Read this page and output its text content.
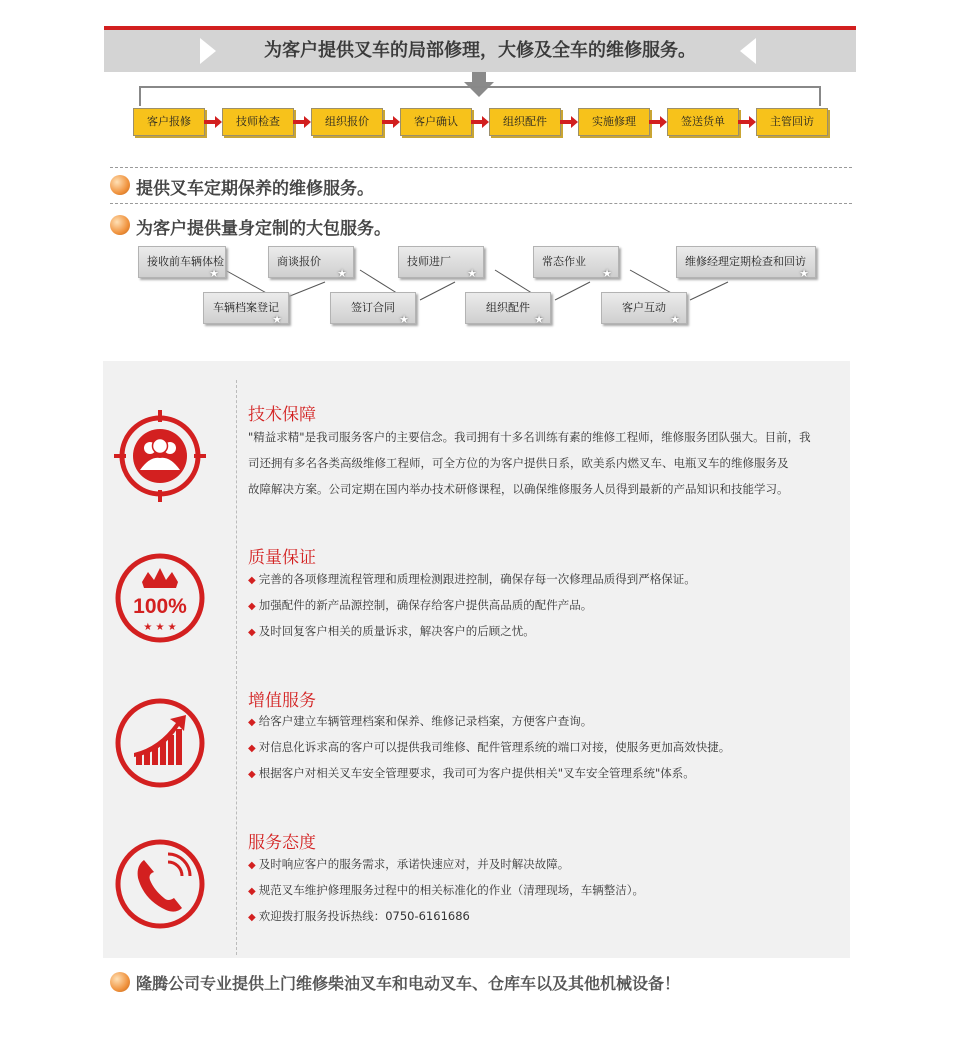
为客户提供叉车的局部修理，大修及全车的维修服务。
客户报修	技师检查	组织报价	客户确认	组织配件	实施修理	签送货单	主管回访
提供叉车定期保养的维修服务。
为客户提供量身定制的大包服务。
接收前车辆体检
★
商谈报价
★
技师进厂
★
常态作业
★
维修经理定期检查和回访
★
车辆档案登记
★
签订合同
★
组织配件
★
客户互动
★
技术保障
"精益求精"是我司服务客户的主要信念。我司拥有十多名训练有素的维修工程师，维修服务团队强大。目前，我
司还拥有多名各类高级维修工程师，可全方位的为客户提供日系，欧美系内燃叉车、电瓶叉车的维修服务及
故障解决方案。公司定期在国内举办技术研修课程，以确保维修服务人员得到最新的产品知识和技能学习。
100%
★ ★ ★
质量保证
◆ 完善的各项修理流程管理和质理检测跟进控制，确保存每一次修理品质得到严格保证。
◆ 加强配件的新产品源控制，确保存给客户提供高品质的配件产品。
◆ 及时回复客户相关的质量诉求，解决客户的后顾之忧。
增值服务
◆ 给客户建立车辆管理档案和保养、维修记录档案，方便客户查询。
◆ 对信息化诉求高的客户可以提供我司维修、配件管理系统的端口对接，使服务更加高效快捷。
◆ 根据客户对相关叉车安全管理要求，我司可为客户提供相关"叉车安全管理系统"体系。
服务态度
◆ 及时响应客户的服务需求，承诺快速应对，并及时解决故障。
◆ 规范叉车维护修理服务过程中的相关标准化的作业（清理现场，车辆整洁）。
◆ 欢迎拨打服务投诉热线：0750-6161686
隆腾公司专业提供上门维修柴油叉车和电动叉车、仓库车以及其他机械设备！
